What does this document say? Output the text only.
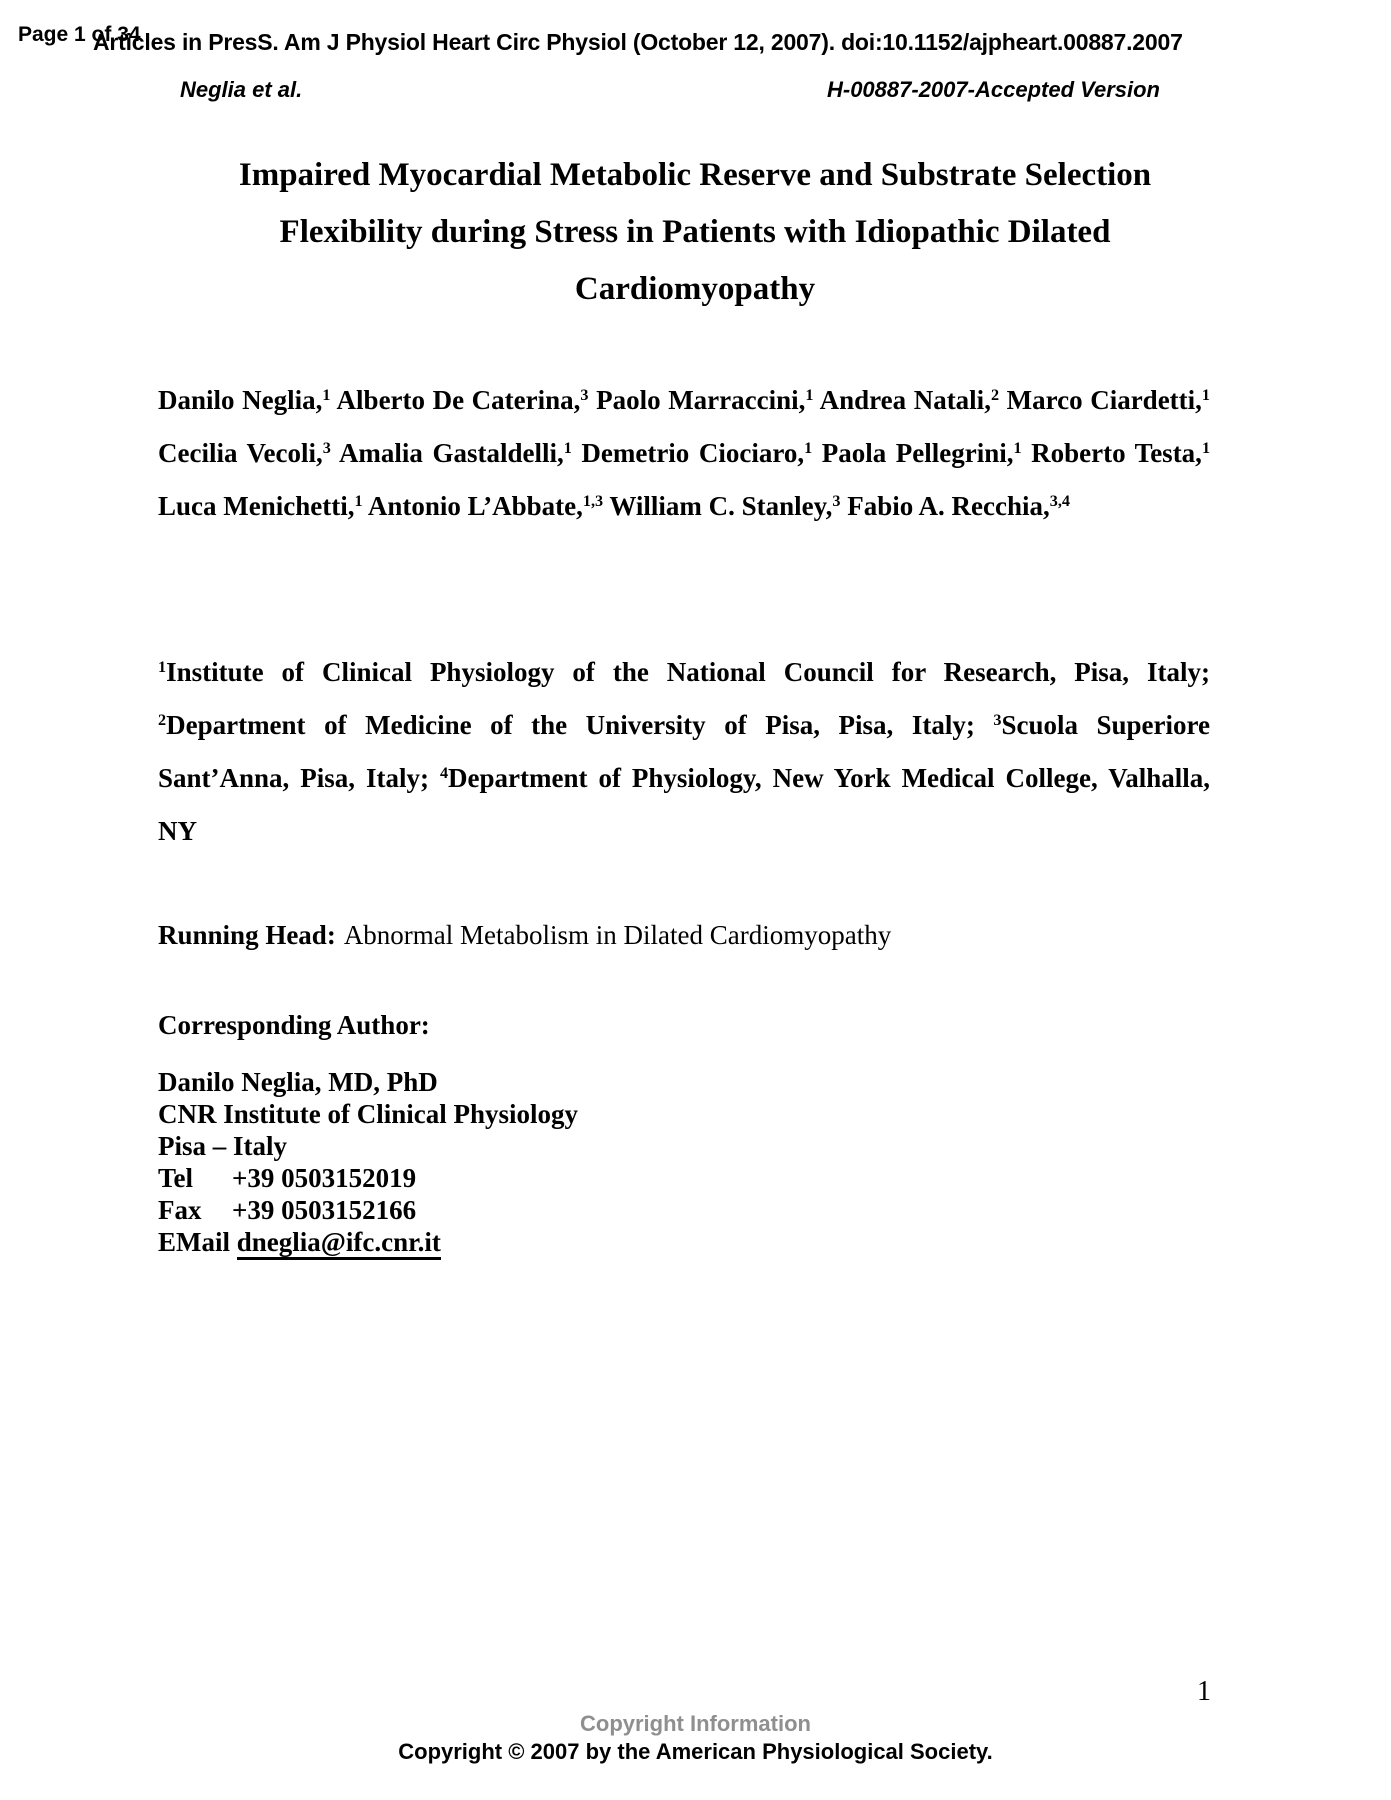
Page 1 of 34
Articles in PresS. Am J Physiol Heart Circ Physiol (October 12, 2007). doi:10.1152/ajpheart.00887.2007
Neglia et al.	H-00887-2007-Accepted Version
Impaired Myocardial Metabolic Reserve and Substrate Selection
Flexibility during Stress in Patients with Idiopathic Dilated
Cardiomyopathy

Danilo Neglia,$^1$ Alberto De Caterina,$^3$ Paolo Marraccini,$^1$ Andrea Natali,$^2$ Marco Ciardetti,$^1$ Cecilia Vecoli,$^3$ Amalia Gastaldelli,$^1$ Demetrio Ciociaro,$^1$ Paola Pellegrini,$^1$ Roberto Testa,$^1$ Luca Menichetti,$^1$ Antonio L’Abbate,$^{1,3}$ William C. Stanley,$^3$ Fabio A. Recchia,$^{3,4}$

$^1$Institute of Clinical Physiology of the National Council for Research, Pisa, Italy; $^2$Department of Medicine of the University of Pisa, Pisa, Italy; $^3$Scuola Superiore Sant’Anna, Pisa, Italy; $^4$Department of Physiology, New York Medical College, Valhalla, NY

Running Head: Abnormal Metabolism in Dilated Cardiomyopathy

Corresponding Author:

Danilo Neglia, MD, PhD
CNR Institute of Clinical Physiology
Pisa – Italy
Tel +39 0503152019
Fax +39 0503152166
EMail dneglia@ifc.cnr.it
1
Copyright Information
Copyright © 2007 by the American Physiological Society.
